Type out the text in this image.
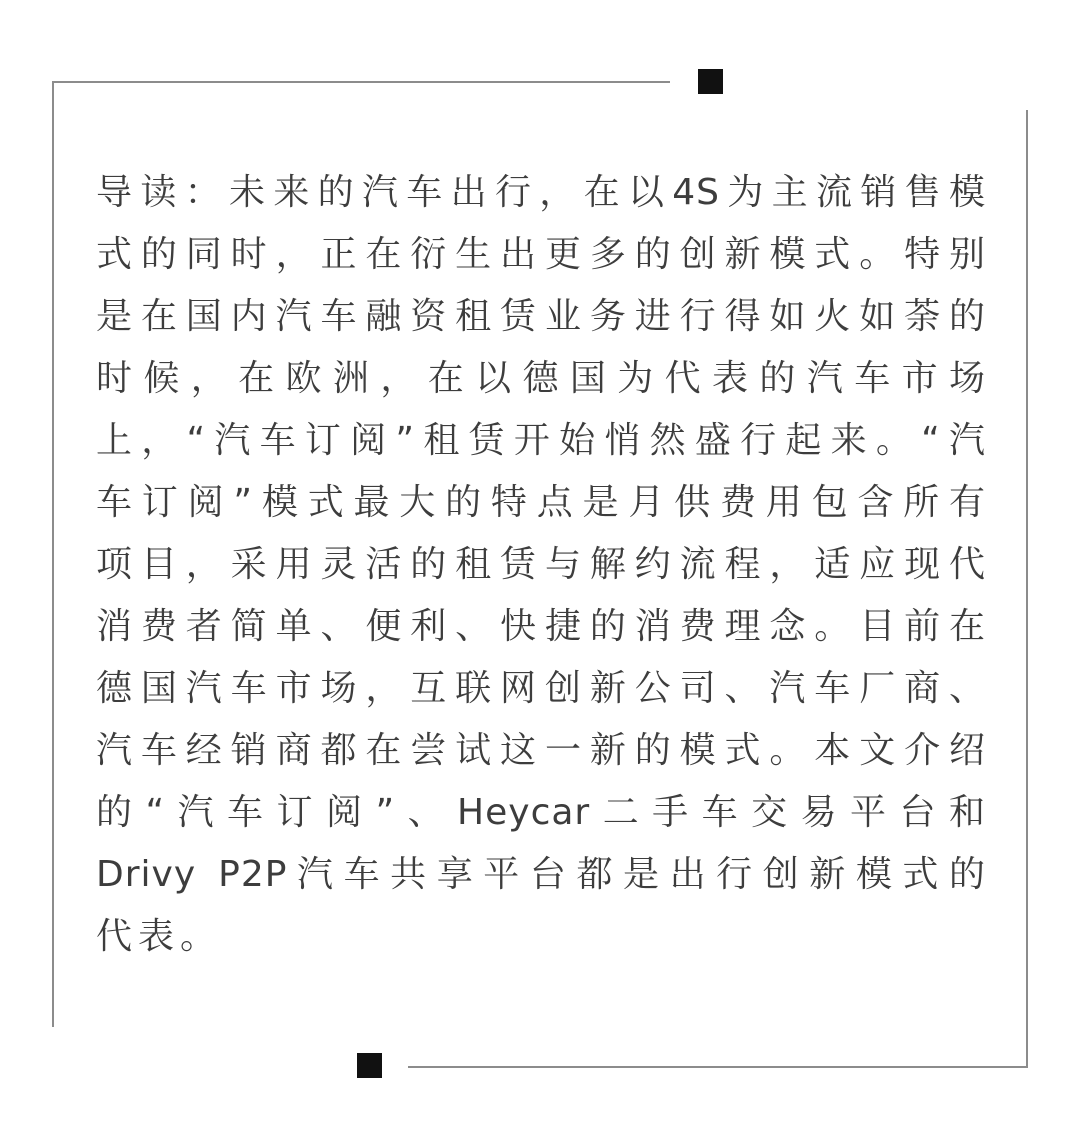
导读：未来的汽车出行，在以4S为主流销售模
式的同时，正在衍生出更多的创新模式。特别
是在国内汽车融资租赁业务进行得如火如荼的
时候，在欧洲，在以德国为代表的汽车市场
上，“汽车订阅”租赁开始悄然盛行起来。“汽
车订阅”模式最大的特点是月供费用包含所有
项目，采用灵活的租赁与解约流程，适应现代
消费者简单、便利、快捷的消费理念。目前在
德国汽车市场，互联网创新公司、汽车厂商、
汽车经销商都在尝试这一新的模式。本文介绍
的“汽车订阅”、Heycar二手车交易平台和
Drivy P2P汽车共享平台都是出行创新模式的
代表。
